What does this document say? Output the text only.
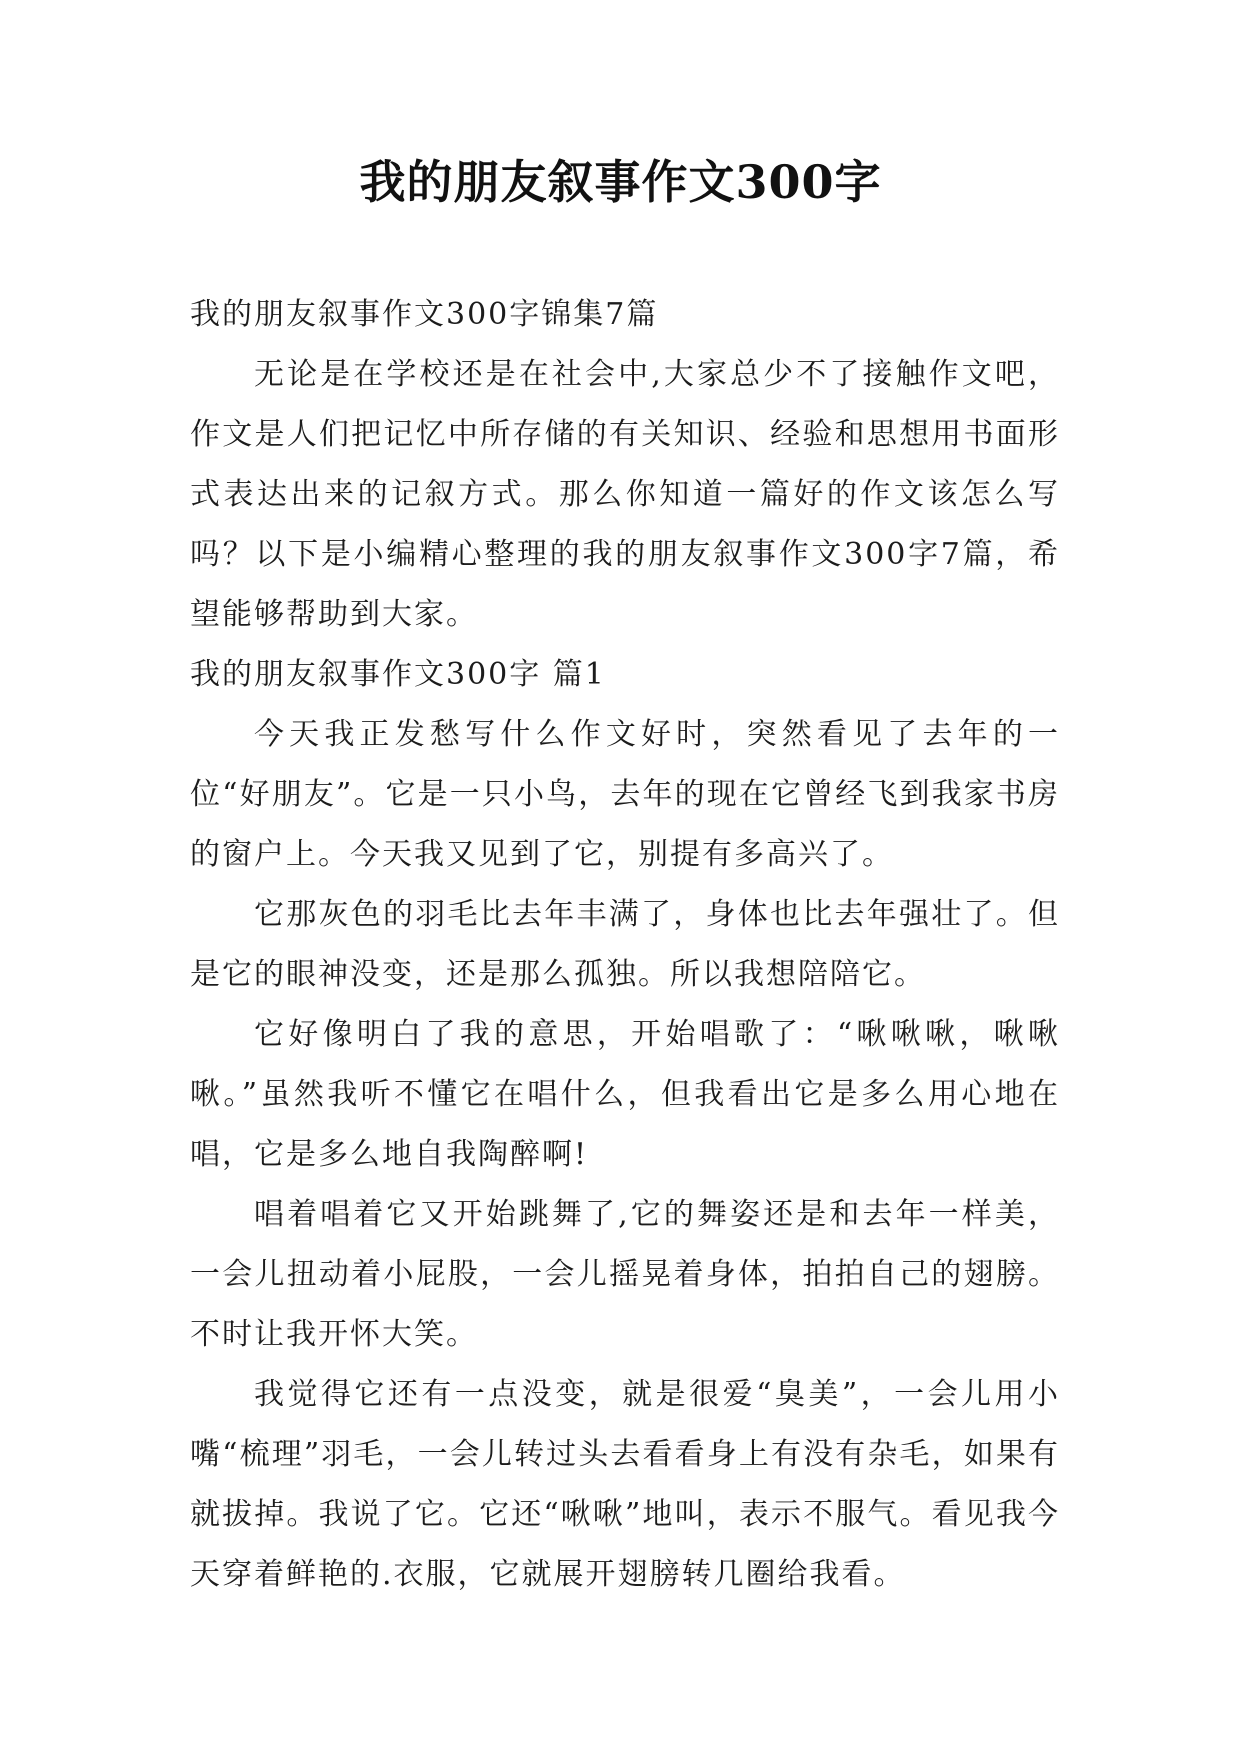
我的朋友叙事作文300字

我的朋友叙事作文300字锦集7篇

无论是在学校还是在社会中,大家总少不了接触作文吧，作文是人们把记忆中所存储的有关知识、经验和思想用书面形式表达出来的记叙方式。那么你知道一篇好的作文该怎么写吗？以下是小编精心整理的我的朋友叙事作文300字7篇，希望能够帮助到大家。

我的朋友叙事作文300字 篇1

今天我正发愁写什么作文好时，突然看见了去年的一位“好朋友”。它是一只小鸟，去年的现在它曾经飞到我家书房的窗户上。今天我又见到了它，别提有多高兴了。

它那灰色的羽毛比去年丰满了，身体也比去年强壮了。但是它的眼神没变，还是那么孤独。所以我想陪陪它。

它好像明白了我的意思，开始唱歌了：“啾啾啾，啾啾啾。”虽然我听不懂它在唱什么，但我看出它是多么用心地在唱，它是多么地自我陶醉啊!

唱着唱着它又开始跳舞了,它的舞姿还是和去年一样美，一会儿扭动着小屁股，一会儿摇晃着身体，拍拍自己的翅膀。不时让我开怀大笑。

我觉得它还有一点没变，就是很爱“臭美”，一会儿用小嘴“梳理”羽毛，一会儿转过头去看看身上有没有杂毛，如果有就拔掉。我说了它。它还“啾啾”地叫，表示不服气。看见我今天穿着鲜艳的.衣服，它就展开翅膀转几圈给我看。
